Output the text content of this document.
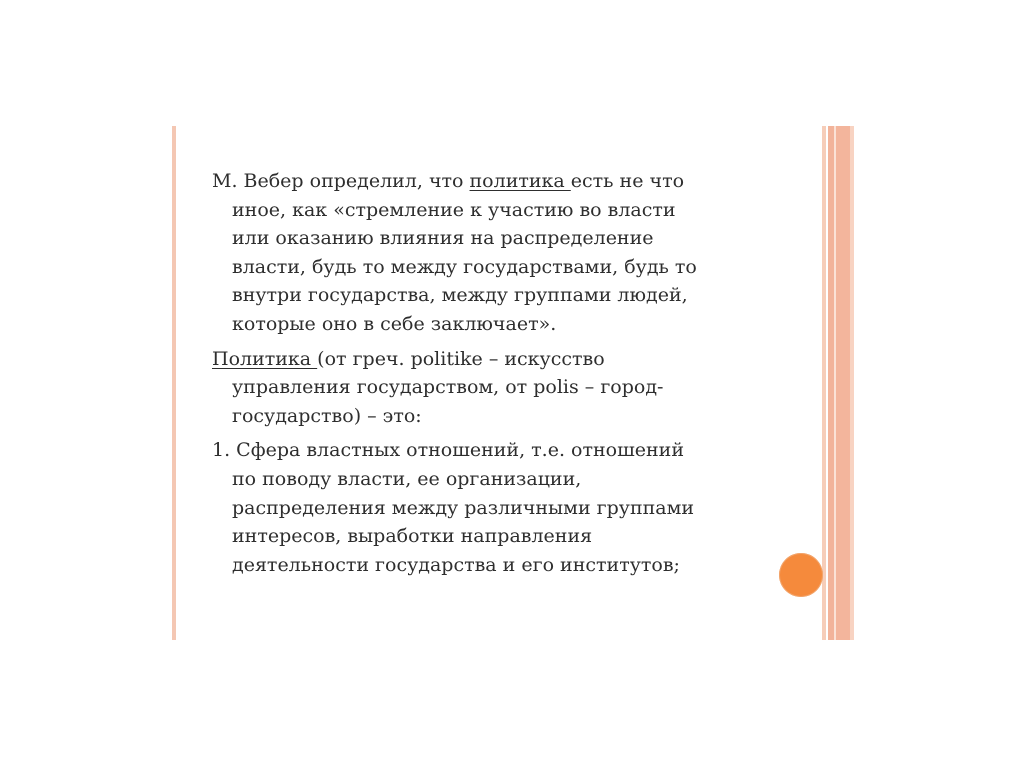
М. Вебер определил, что политика есть не что
иное, как «стремление к участию во власти
или оказанию влияния на распределение
власти, будь то между государствами, будь то
внутри государства, между группами людей,
которые оно в себе заключает».

Политика (от греч. politike – искусство
управления государством, от polis – город-
государство) – это:

1. Сфера властных отношений, т.е. отношений
по поводу власти, ее организации,
распределения между различными группами
интересов, выработки направления
деятельности государства и его институтов;
